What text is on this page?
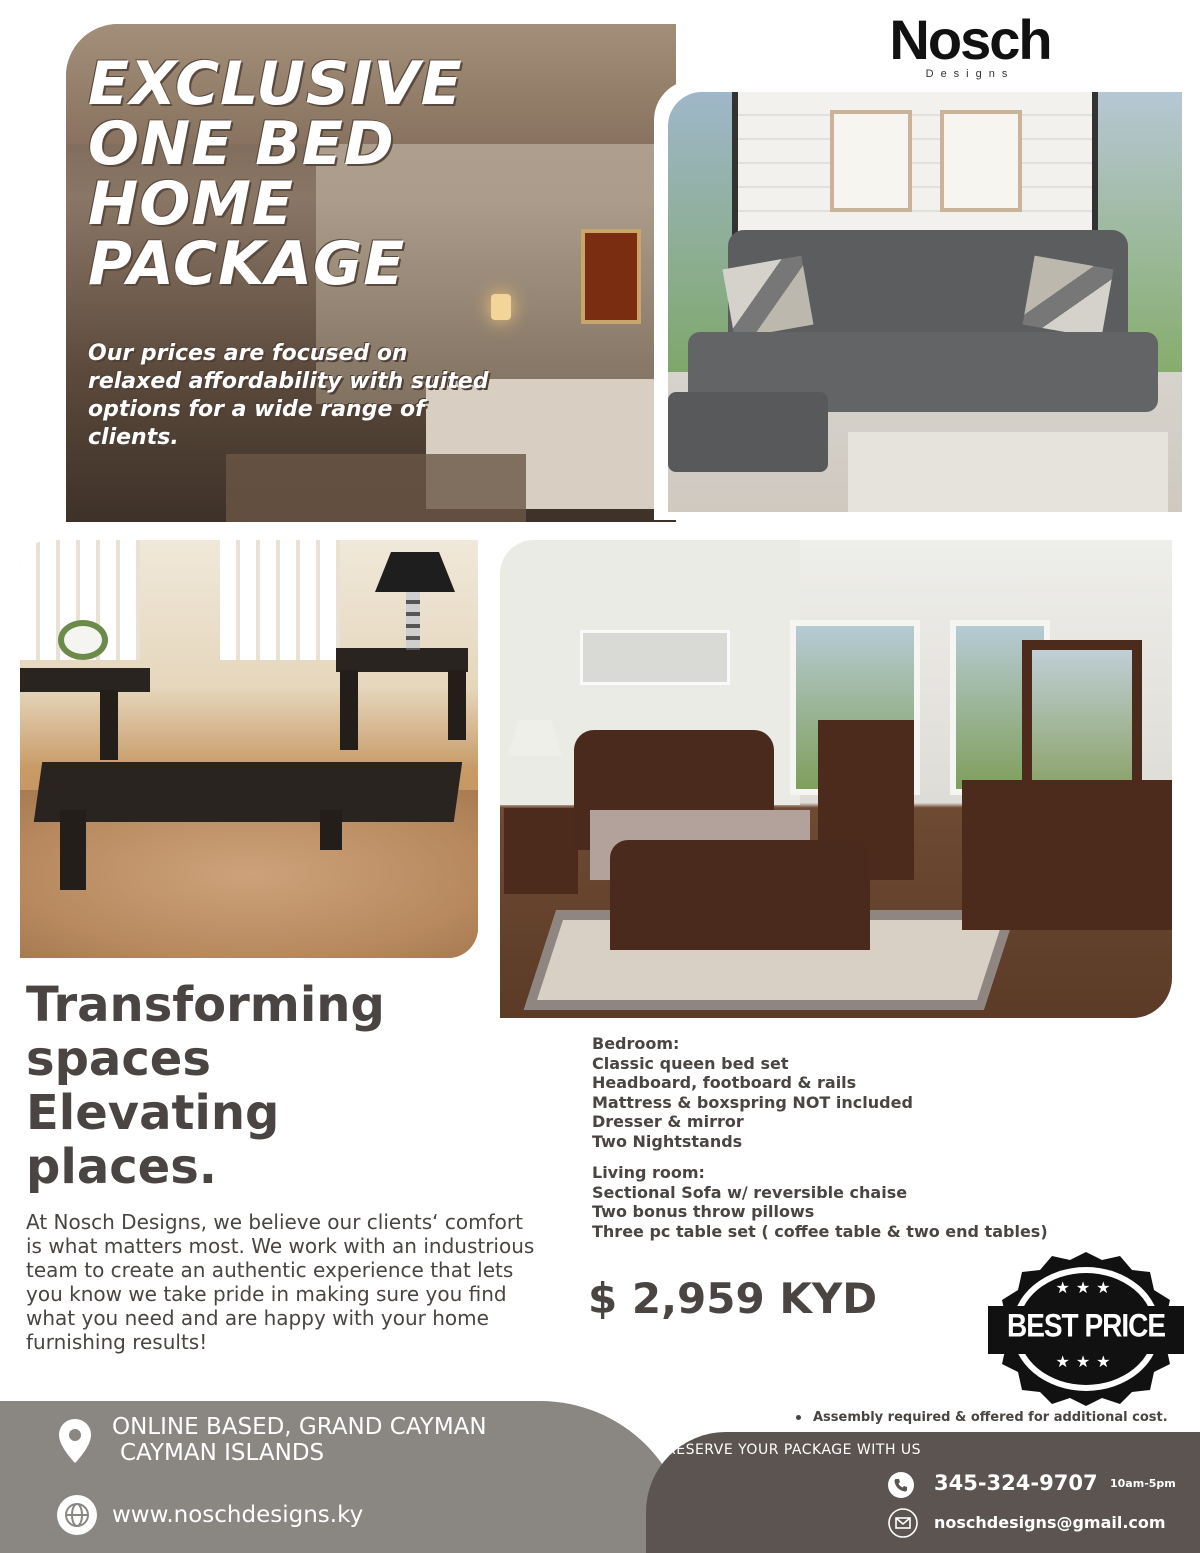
EXCLUSIVE
ONE BED
HOME
PACKAGE
Our prices are focused on relaxed affordability with suited options for a wide range of clients.
Nosch
Designs
Transforming
spaces
Elevating
places.
At Nosch Designs, we believe our clients‘ comfort is what matters most. We work with an industrious team to create an authentic experience that lets you know we take pride in making sure you find what you need and are happy with your home furnishing results!
Bedroom:
Classic queen bed set
Headboard, footboard & rails
Mattress & boxspring NOT included
Dresser & mirror
Two Nightstands
Living room:
Sectional Sofa w/ reversible chaise
Two bonus throw pillows
Three pc table set ( coffee table & two end tables)
$ 2,959 KYD	★★★
BEST PRICE
★★★
Assembly required & offered for additional cost.
ONLINE BASED, GRAND CAYMAN
CAYMAN ISLANDS
www.noschdesigns.ky
RESERVE YOUR PACKAGE WITH US
345-324-9707 10am-5pm
noschdesigns@gmail.com
